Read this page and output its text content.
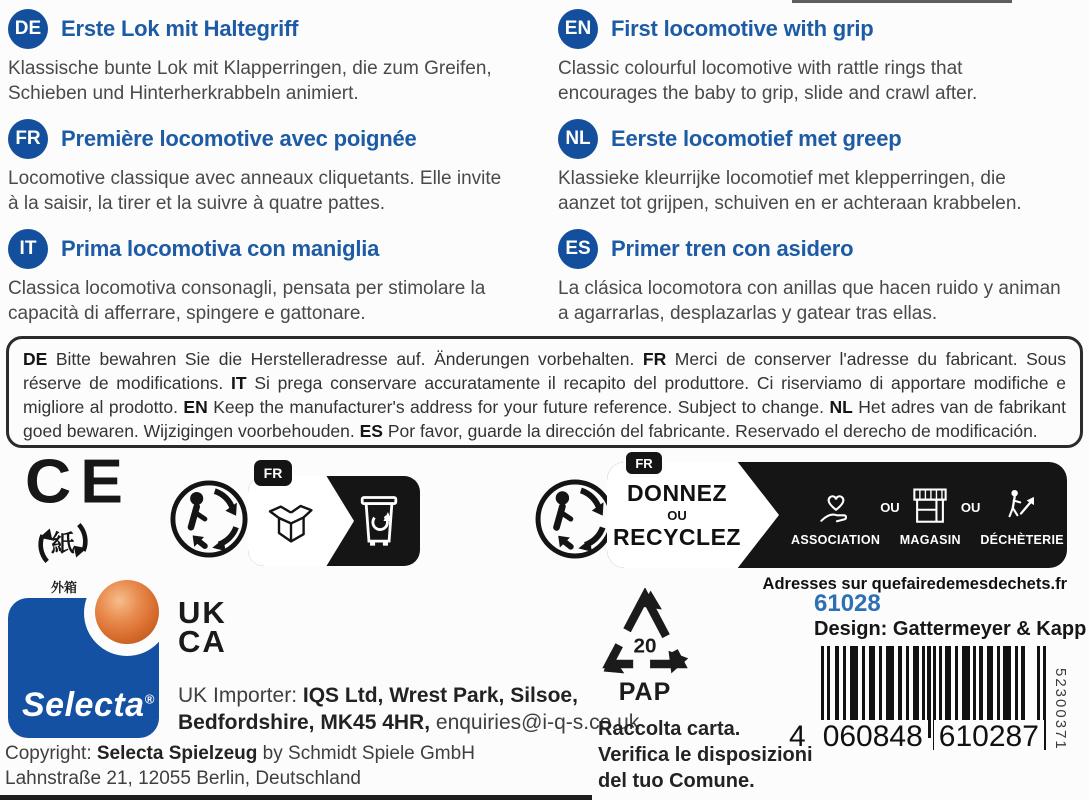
DE Erste Lok mit Haltegriff

Klassische bunte Lok mit Klapperringen, die zum Greifen, Schieben und Hinterherkrabbeln animiert.

EN First locomotive with grip

Classic colourful locomotive with rattle rings that encourages the baby to grip, slide and crawl after.

FR Première locomotive avec poignée

Locomotive classique avec anneaux cliquetants. Elle invite à la saisir, la tirer et la suivre à quatre pattes.

NL Eerste locomotief met greep

Klassieke kleurrijke locomotief met klepperringen, die aanzet tot grijpen, schuiven en er achteraan krabbelen.

IT	Prima locomotiva con maniglia

Classica locomotiva consonagli, pensata per stimolare la capacità di afferrare, spingere e gattonare.

ES Primer tren con asidero

La clásica locomotora con anillas que hacen ruido y animan a agarrarlas, desplazarlas y gatear tras ellas.

DE Bitte bewahren Sie die Herstelleradresse auf. Änderungen vorbehalten. FR Merci de conserver l'adresse du fabricant. Sous réserve de modifications. IT Si prega conservare accuratamente il recapito del produttore. Ci riserviamo di apportare modifiche e migliore al prodotto. EN Keep the manufacturer's address for your future reference. Subject to change. NL Het adres van de fabrikant goed bewaren. Wijzigingen voorbehouden. ES Por favor, guarde la dirección del fabricante. Reservado el derecho de modificación.
CE
紙
外箱
FR
FR
DONNEZ
OU
RECYCLEZ	ASSOCIATION
OU
MAGASIN
OU
DÉCHÈTERIE
Adresses sur quefairedemesdechets.fr
Selecta®
UK
CA
UK Importer: IQS Ltd, Wrest Park, Silsoe,
Bedfordshire, MK45 4HR, enquiries@i-q-s.co.uk
Copyright: Selecta Spielzeug by Schmidt Spiele GmbH
Lahnstraße 21, 12055 Berlin, Deutschland
20
PAP
Raccolta carta.
Verifica le disposizioni
del tuo Comune.
61028
Design: Gattermeyer & Kapp
4 060848 610287 52300371
